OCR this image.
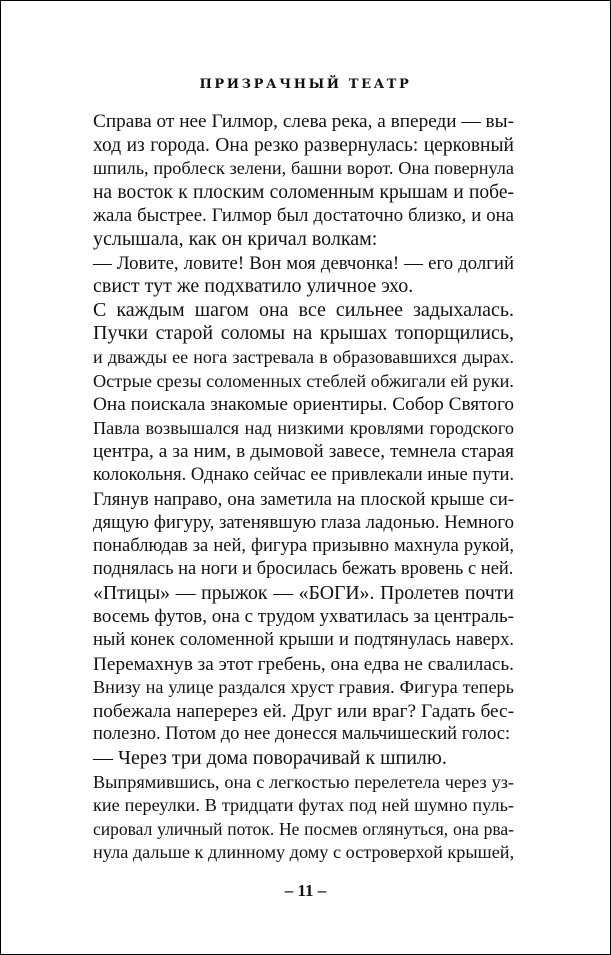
ПРИЗРАЧНЫЙ ТЕАТР
Справа от нее Гилмор, слева река, а впереди — вы-
ход из города. Она резко развернулась: церковный
шпиль, проблеск зелени, башни ворот. Она повернула
на восток к плоским соломенным крышам и побе-
жала быстрее. Гилмор был достаточно близко, и она
услышала, как он кричал волкам:
— Ловите, ловите! Вон моя девчонка! — его долгий
свист тут же подхватило уличное эхо.
С каждым шагом она все сильнее задыхалась.
Пучки старой соломы на крышах топорщились,
и дважды ее нога застревала в образовавшихся дырах.
Острые срезы соломенных стеблей обжигали ей руки.
Она поискала знакомые ориентиры. Собор Святого
Павла возвышался над низкими кровлями городского
центра, а за ним, в дымовой завесе, темнела старая
колокольня. Однако сейчас ее привлекали иные пути.
Глянув направо, она заметила на плоской крыше си-
дящую фигуру, затенявшую глаза ладонью. Немного
понаблюдав за ней, фигура призывно махнула рукой,
поднялась на ноги и бросилась бежать вровень с ней.
«Птицы» — прыжок — «БОГИ». Пролетев почти
восемь футов, она с трудом ухватилась за централь-
ный конек соломенной крыши и подтянулась наверх.
Перемахнув за этот гребень, она едва не свалилась.
Внизу на улице раздался хруст гравия. Фигура теперь
побежала наперерез ей. Друг или враг? Гадать бес-
полезно. Потом до нее донесся мальчишеский голос:
— Через три дома поворачивай к шпилю.
Выпрямившись, она с легкостью перелетела через уз-
кие переулки. В тридцати футах под ней шумно пуль-
сировал уличный поток. Не посмев оглянуться, она рва-
нула дальше к длинному дому с островерхой крышей,
– 11 –
